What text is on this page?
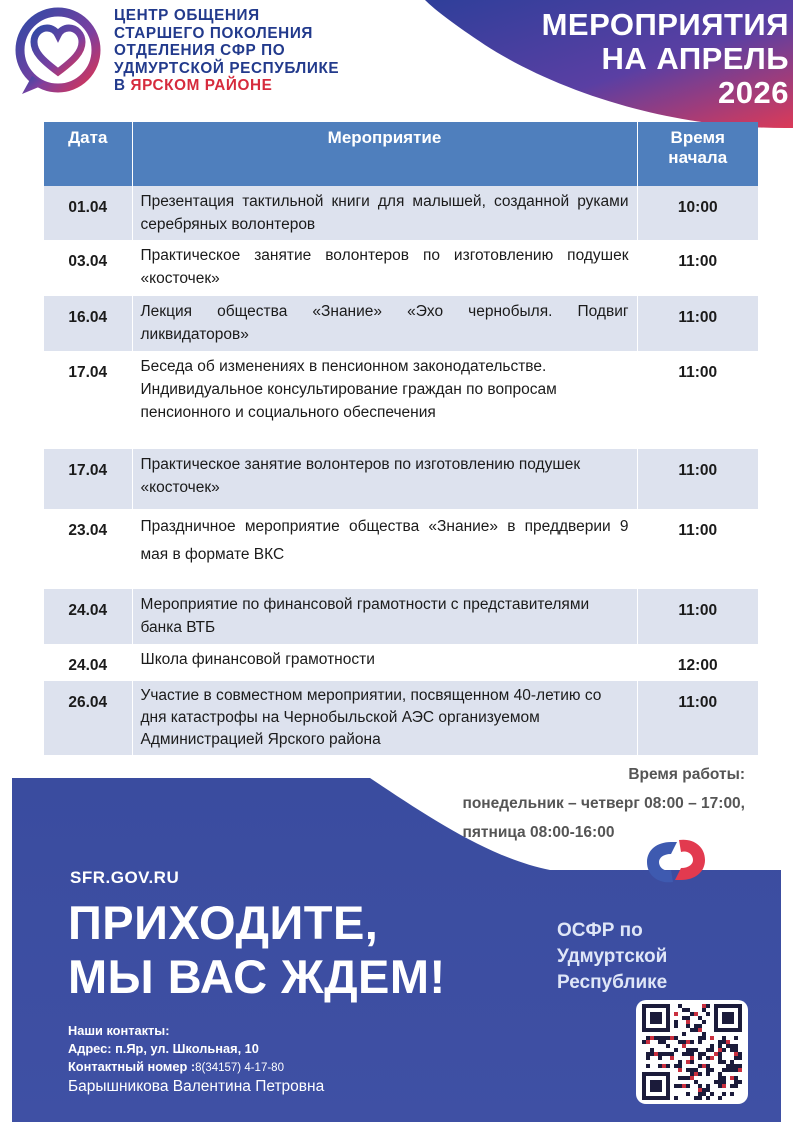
МЕРОПРИЯТИЯ
НА АПРЕЛЬ
2026
ЦЕНТР ОБЩЕНИЯ
СТАРШЕГО ПОКОЛЕНИЯ
ОТДЕЛЕНИЯ СФР ПО
УДМУРТСКОЙ РЕСПУБЛИКЕ
В ЯРСКОМ РАЙОНЕ
Дата	Мероприятие	Время
начала

01.04	Презентация тактильной книги для малышей, созданной руками серебряных волонтеров	10:00
03.04	Практическое занятие волонтеров по изготовлению подушек «косточек»	11:00
16.04	Лекция общества «Знание» «Эхо чернобыля. Подвиг ликвидаторов»	11:00
17.04	Беседа об изменениях в пенсионном законодательстве. Индивидуальное консультирование граждан по вопросам пенсионного и социального обеспечения	11:00
17.04	Практическое занятие волонтеров по изготовлению подушек «косточек»	11:00
23.04	Праздничное мероприятие общества «Знание» в преддверии 9 мая в формате ВКС	11:00
24.04	Мероприятие по финансовой грамотности с представителями банка ВТБ	11:00
24.04	Школа финансовой грамотности	12:00
26.04	Участие в совместном мероприятии, посвященном 40-летию со дня катастрофы на Чернобыльской АЭС организуемом Администрацией Ярского района	11:00
Время работы:
понедельник – четверг 08:00 – 17:00,
пятница 08:00-16:00
SFR.GOV.RU
ПРИХОДИТЕ,
МЫ ВАС ЖДЕМ!
ОСФР по
Удмуртской
Республике
Наши контакты:
Адрес: п.Яр, ул. Школьная, 10
Контактный номер :8(34157) 4-17-80
Барышникова Валентина Петровна
